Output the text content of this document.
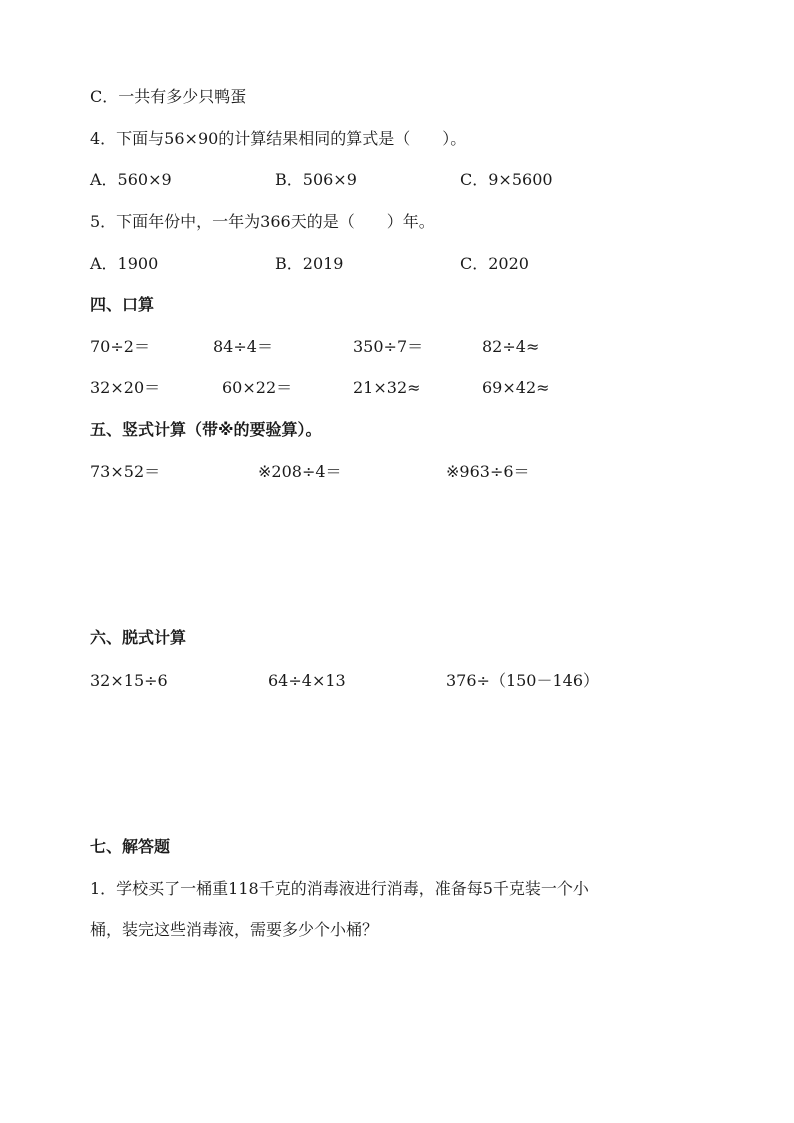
C．一共有多少只鸭蛋
4．下面与56×90的计算结果相同的算式是（　　）。
A．560×9	B．506×9	C．9×5600
5．下面年份中，一年为366天的是（　　）年。
A．1900	B．2019	C．2020
四、口算
70÷2＝	84÷4＝	350÷7＝	82÷4≈
32×20＝	60×22＝	21×32≈	69×42≈
五、竖式计算（带※的要验算）。
73×52＝	※208÷4＝	※963÷6＝
六、脱式计算
32×15÷6	64÷4×13	376÷（150－146）
七、解答题
1．学校买了一桶重118千克的消毒液进行消毒，准备每5千克装一个小
桶，装完这些消毒液，需要多少个小桶？
